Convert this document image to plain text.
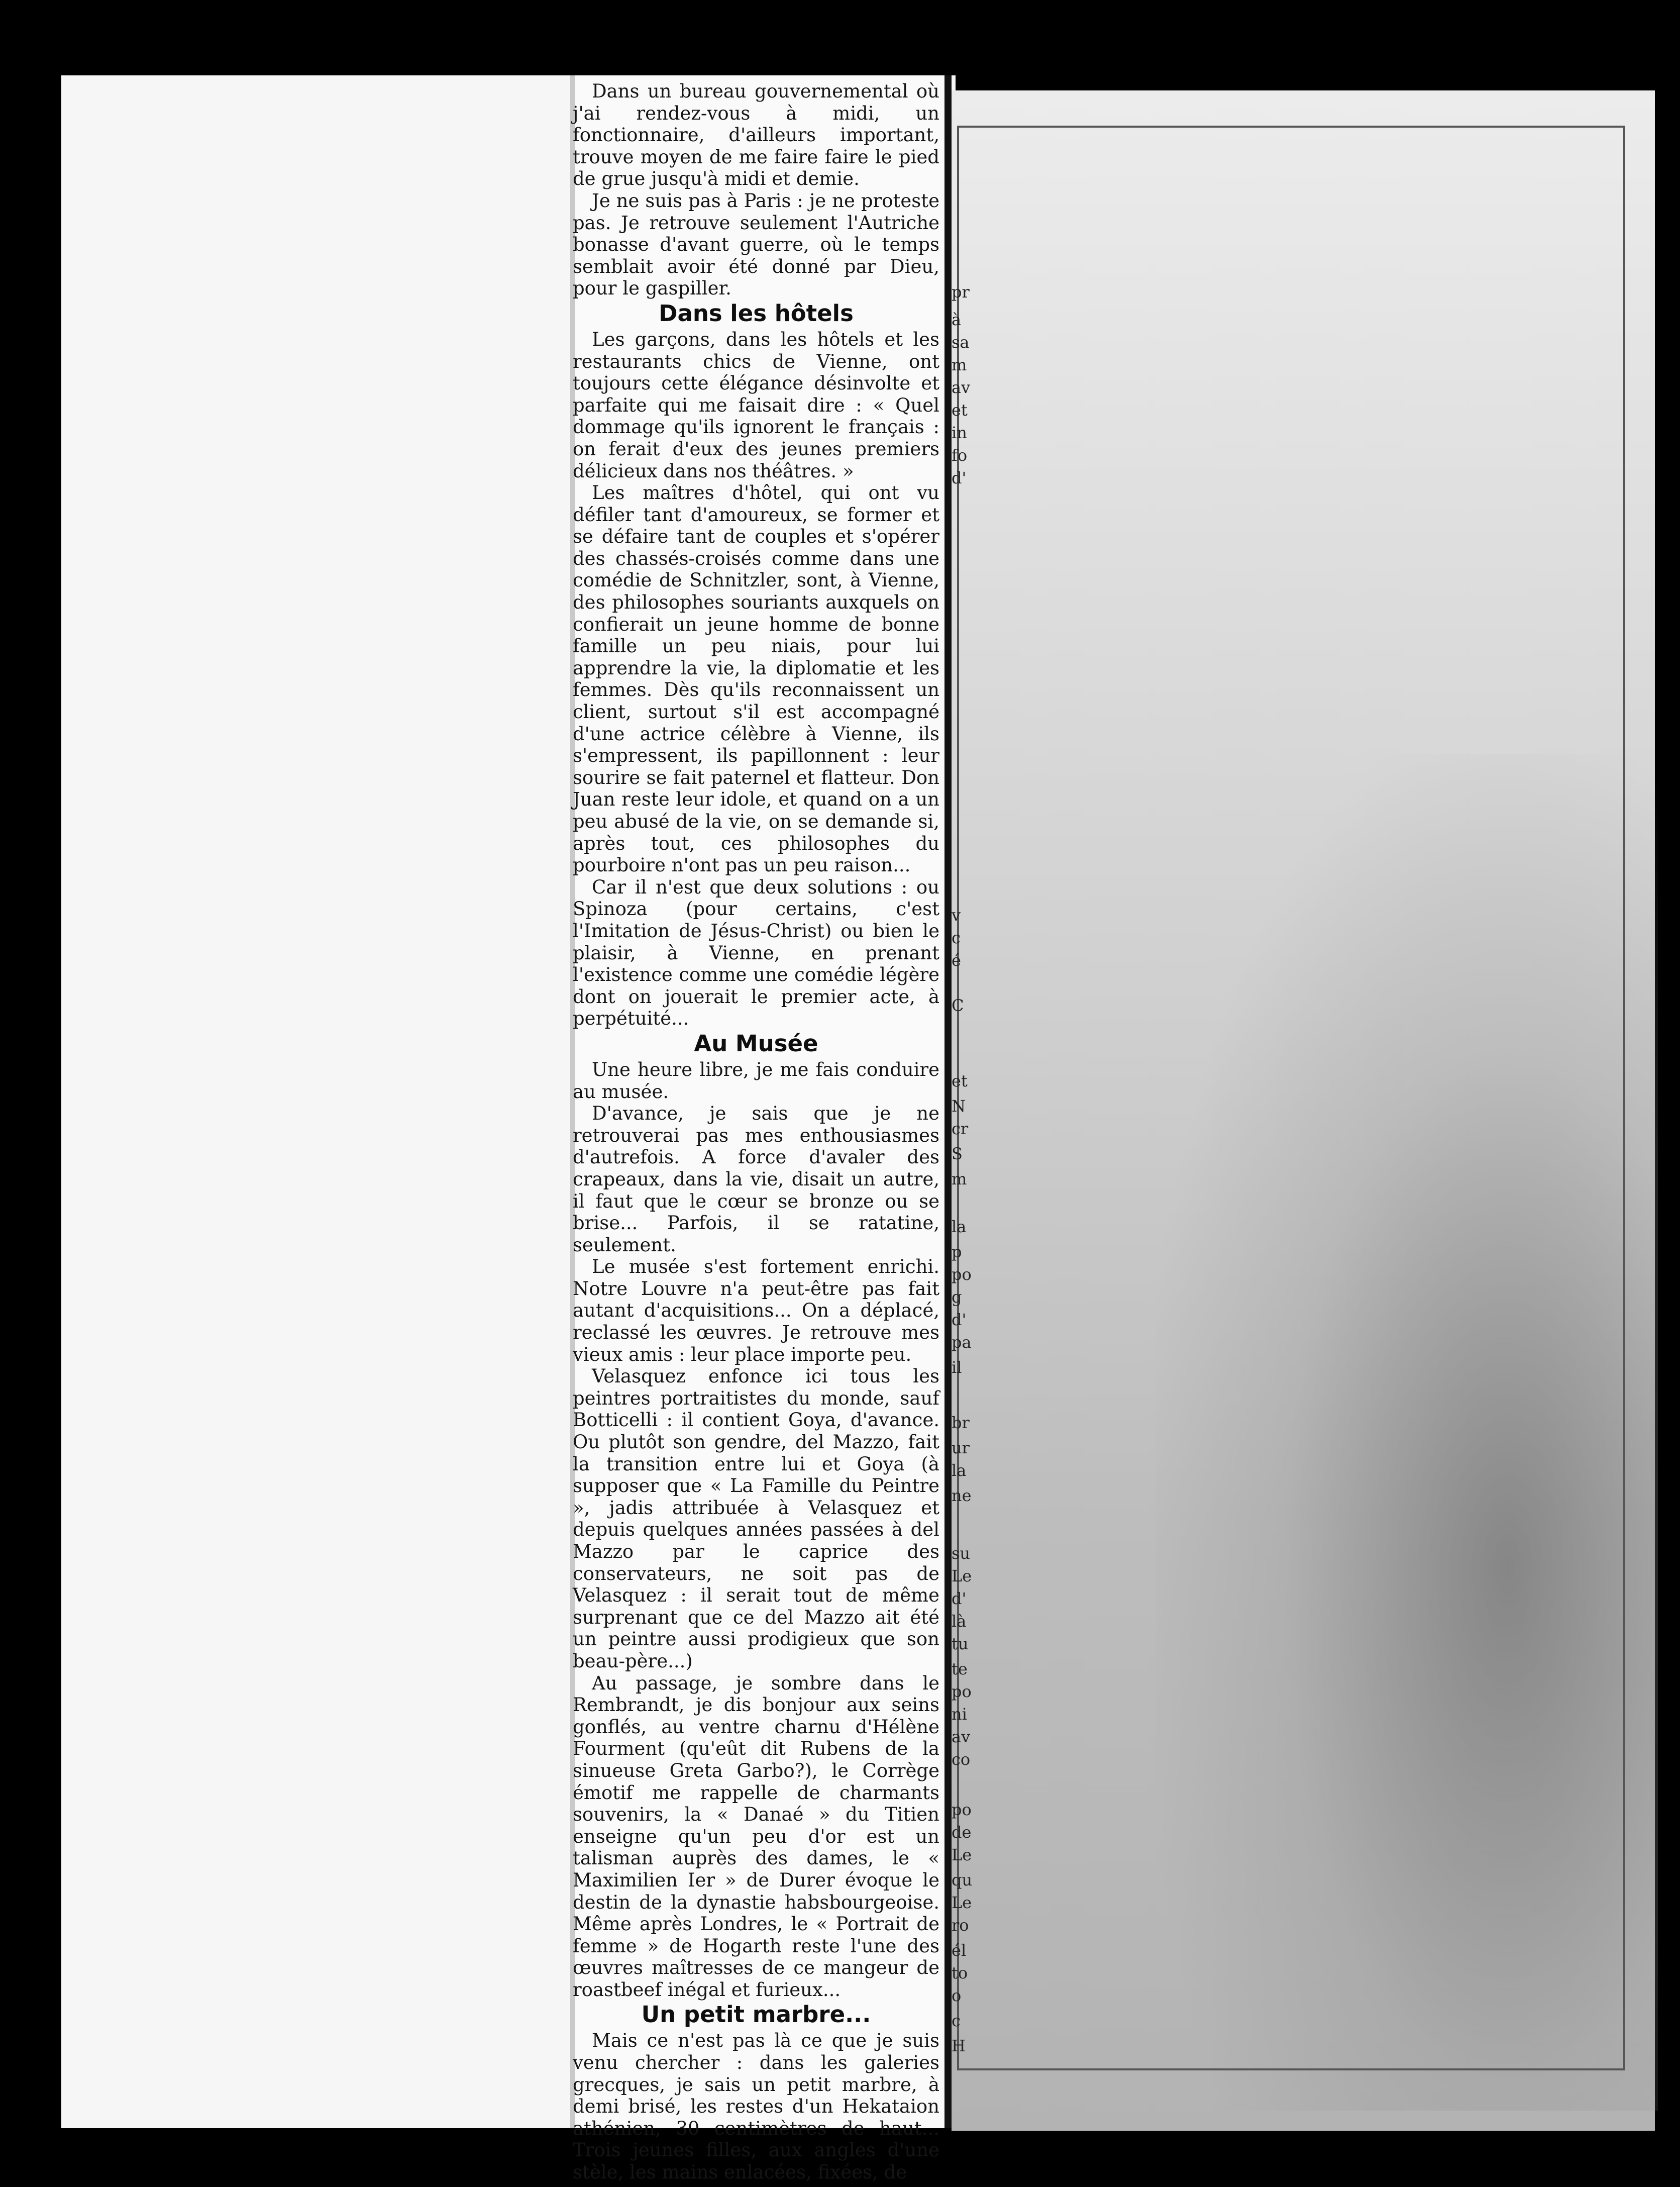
Dans un bureau gouvernemental où j'ai rendez-vous à midi, un fonctionnaire, d'ailleurs important, trouve moyen de me faire faire le pied de grue jusqu'à midi et demie.

Je ne suis pas à Paris : je ne proteste pas. Je retrouve seulement l'Autriche bonasse d'avant guerre, où le temps semblait avoir été donné par Dieu, pour le gaspiller.

Dans les hôtels

Les garçons, dans les hôtels et les restaurants chics de Vienne, ont toujours cette élégance désinvolte et parfaite qui me faisait dire : « Quel dommage qu'ils ignorent le français : on ferait d'eux des jeunes premiers délicieux dans nos théâtres. »

Les maîtres d'hôtel, qui ont vu défiler tant d'amoureux, se former et se défaire tant de couples et s'opérer des chassés-croisés comme dans une comédie de Schnitzler, sont, à Vienne, des philosophes souriants auxquels on confierait un jeune homme de bonne famille un peu niais, pour lui apprendre la vie, la diplomatie et les femmes. Dès qu'ils reconnaissent un client, surtout s'il est accompagné d'une actrice célèbre à Vienne, ils s'empressent, ils papillonnent : leur sourire se fait paternel et flatteur. Don Juan reste leur idole, et quand on a un peu abusé de la vie, on se demande si, après tout, ces philosophes du pourboire n'ont pas un peu raison...

Car il n'est que deux solutions : ou Spinoza (pour certains, c'est l'Imitation de Jésus-Christ) ou bien le plaisir, à Vienne, en prenant l'existence comme une comédie légère dont on jouerait le premier acte, à perpétuité...

Au Musée

Une heure libre, je me fais conduire au musée.

D'avance, je sais que je ne retrouverai pas mes enthousiasmes d'autrefois. A force d'avaler des crapeaux, dans la vie, disait un autre, il faut que le cœur se bronze ou se brise... Parfois, il se ratatine, seulement.

Le musée s'est fortement enrichi. Notre Louvre n'a peut-être pas fait autant d'acquisitions... On a déplacé, reclassé les œuvres. Je retrouve mes vieux amis : leur place importe peu.

Velasquez enfonce ici tous les peintres portraitistes du monde, sauf Botticelli : il contient Goya, d'avance. Ou plutôt son gendre, del Mazzo, fait la transition entre lui et Goya (à supposer que « La Famille du Peintre », jadis attribuée à Velasquez et depuis quelques années passées à del Mazzo par le caprice des conservateurs, ne soit pas de Velasquez : il serait tout de même surprenant que ce del Mazzo ait été un peintre aussi prodigieux que son beau-père...)

Au passage, je sombre dans le Rembrandt, je dis bonjour aux seins gonflés, au ventre charnu d'Hélène Fourment (qu'eût dit Rubens de la sinueuse Greta Garbo?), le Corrège émotif me rappelle de charmants souvenirs, la « Danaé » du Titien enseigne qu'un peu d'or est un talisman auprès des dames, le « Maximilien Ier » de Durer évoque le destin de la dynastie habsbourgeoise. Même après Londres, le « Portrait de femme » de Hogarth reste l'une des œuvres maîtresses de ce mangeur de roastbeef inégal et furieux...

Un petit marbre...

Mais ce n'est pas là ce que je suis venu chercher : dans les galeries grecques, je sais un petit marbre, à demi brisé, les restes d'un Hekataion athénien, 30 centimètres de haut... Trois jeunes filles, aux angles d'une stèle, les mains enlacées, fixées, de

pr
à
sa
m
av
et
in
fo
d'
v
c
é
C
et
N
cr
S
m
la
p
po
g
d'
pa
il
br
ur
la
ne
su
Le
d'
là
tu
te
po
ni
av
co
po
de
Le
qu
Le
ro
él
to
o
c
H
